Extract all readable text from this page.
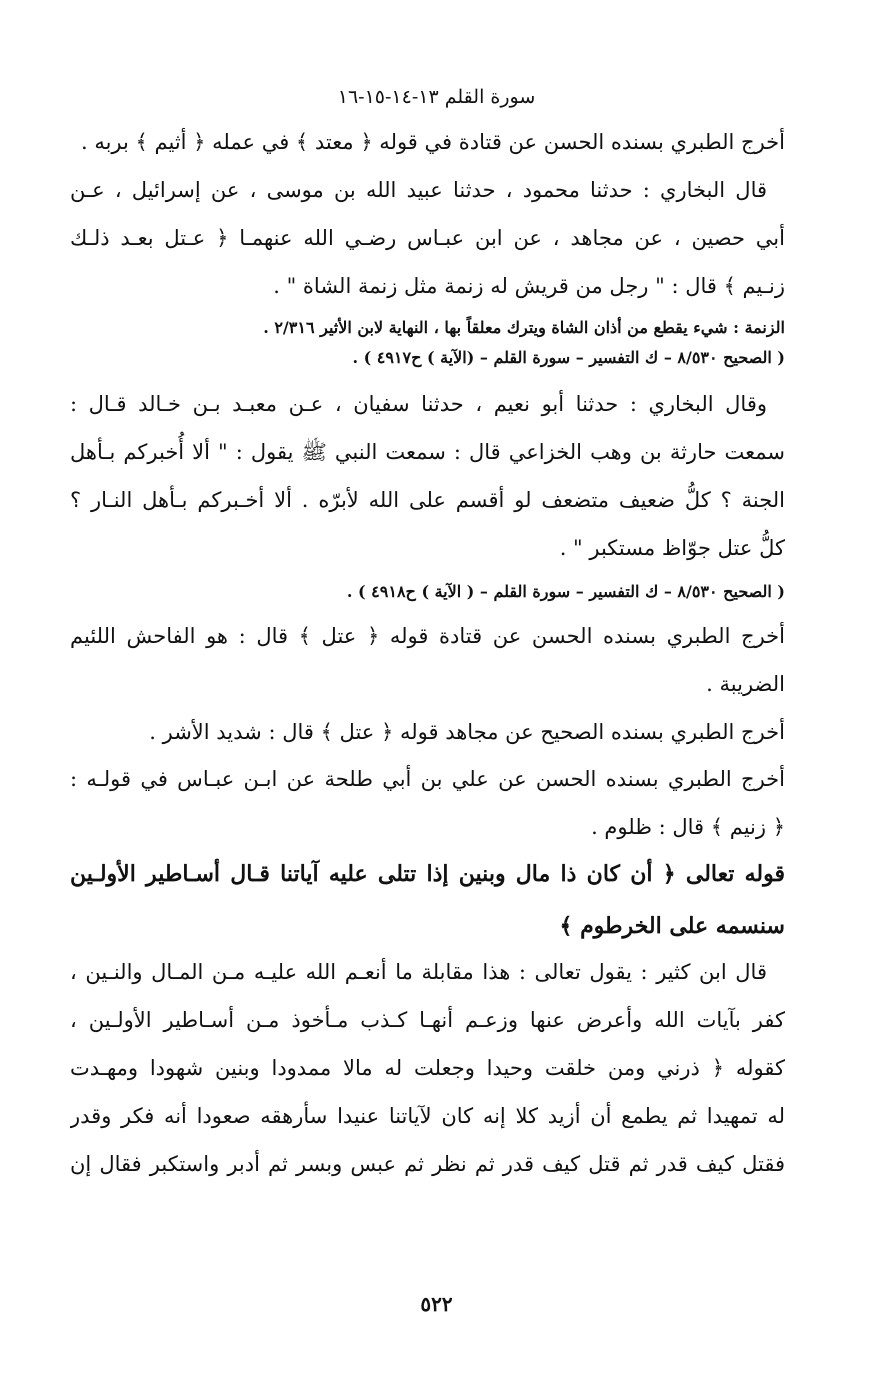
سورة القلم ١٣-١٤-١٥-١٦
أخرج الطبري بسنده الحسن عن قتادة في قوله ﴿ معتد ﴾ في عمله ﴿ أثيم ﴾ بربه .
قال البخاري : حدثنا محمود ، حدثنا عبيد الله بن موسى ، عن إسرائيل ، عـن
أبي حصين ، عن مجاهد ، عن ابن عبـاس رضـي الله عنهمـا ﴿ عـتل بعـد ذلـك
زنـيم ﴾ قال : " رجل من قريش له زنمة مثل زنمة الشاة " .
الزنمة : شيء يقطع من أذان الشاة ويترك معلقاً بها ، النهاية لابن الأثير ٢/٣١٦ .
( الصحيح ٨/٥٣٠ – ك التفسير – سورة القلم – (الآية ) ح٤٩١٧ ) .
وقال البخاري : حدثنا أبو نعيم ، حدثنا سفيان ، عـن معبـد بـن خـالد قـال :
سمعت حارثة بن وهب الخزاعي قال : سمعت النبي ﷺ يقول : " ألا أُخبركم بـأهل
الجنة ؟ كلُّ ضعيف متضعف لو أقسم على الله لأبرّه . ألا أخـبركم بـأهل النـار ؟
كلُّ عتل جوّاظ مستكبر " .
( الصحيح ٨/٥٣٠ – ك التفسير – سورة القلم – ( الآية ) ح٤٩١٨ ) .
أخرج الطبري بسنده الحسن عن قتادة قوله ﴿ عتل ﴾ قال : هو الفاحش اللئيم
الضريبة .
أخرج الطبري بسنده الصحيح عن مجاهد قوله ﴿ عتل ﴾ قال : شديد الأشر .
أخرج الطبري بسنده الحسن عن علي بن أبي طلحة عن ابـن عبـاس في قولـه :
﴿ زنيم ﴾ قال : ظلوم .
قوله تعالى ﴿ أن كان ذا مال وبنين إذا تتلى عليه آياتنا قـال أسـاطير الأولـين
سنسمه على الخرطوم ﴾
قال ابن كثير : يقول تعالى : هذا مقابلة ما أنعـم الله عليـه مـن المـال والنـين ،
كفر بآيات الله وأعرض عنها وزعـم أنهـا كـذب مـأخوذ مـن أسـاطير الأولـين ،
كقوله ﴿ ذرني ومن خلقت وحيدا وجعلت له مالا ممدودا وبنين شهودا ومهـدت
له تمهيدا ثم يطمع أن أزيد كلا إنه كان لآياتنا عنيدا سأرهقه صعودا أنه فكر وقدر
فقتل كيف قدر ثم قتل كيف قدر ثم نظر ثم عبس وبسر ثم أدبر واستكبر فقال إن
٥٢٢
